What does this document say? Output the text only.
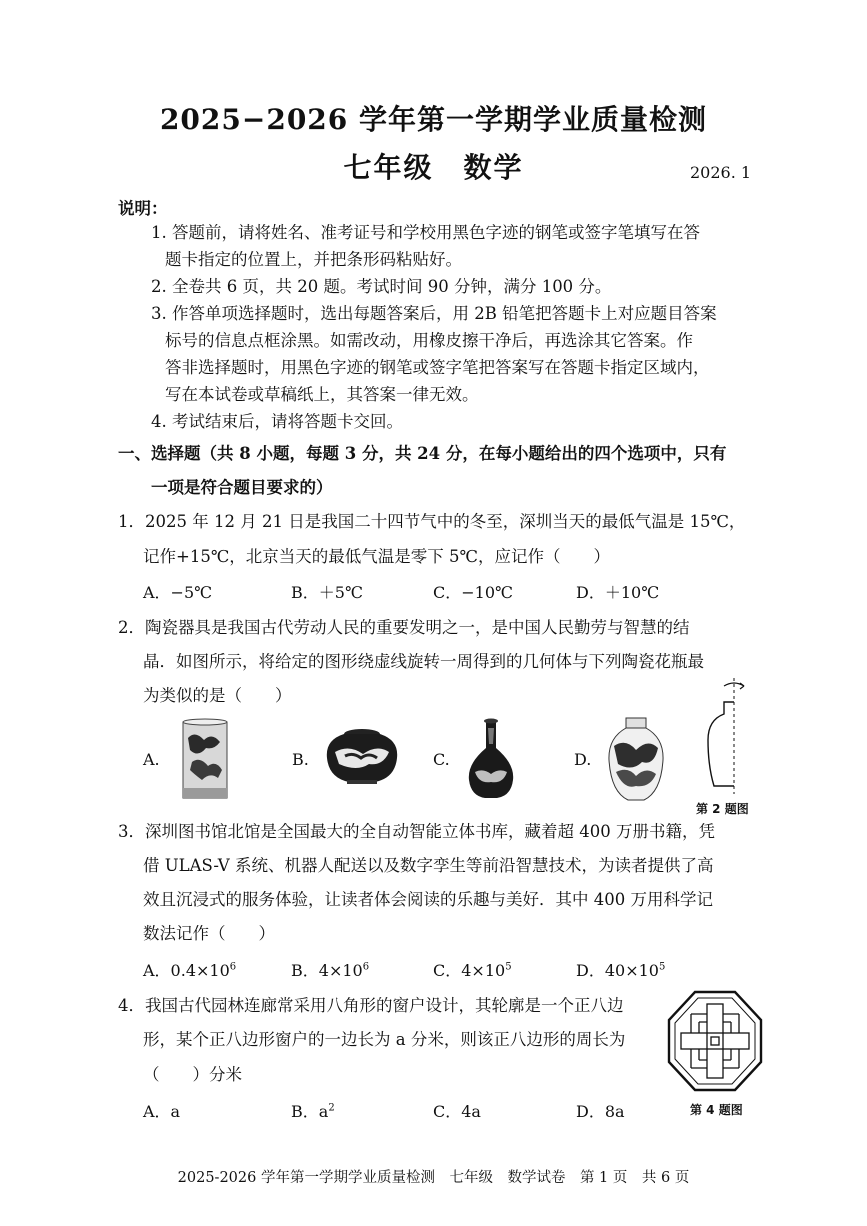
2025−2026 学年第一学期学业质量检测
七年级　数学	2026. 1
说明：
1. 答题前，请将姓名、准考证号和学校用黑色字迹的钢笔或签字笔填写在答
题卡指定的位置上，并把条形码粘贴好。
2. 全卷共 6 页，共 20 题。考试时间 90 分钟，满分 100 分。
3. 作答单项选择题时，选出每题答案后，用 2B 铅笔把答题卡上对应题目答案
标号的信息点框涂黑。如需改动，用橡皮擦干净后，再选涂其它答案。作
答非选择题时，用黑色字迹的钢笔或签字笔把答案写在答题卡指定区域内，
写在本试卷或草稿纸上，其答案一律无效。
4. 考试结束后，请将答题卡交回。
一、选择题（共 8 小题，每题 3 分，共 24 分，在每小题给出的四个选项中，只有
一项是符合题目要求的）
1．2025 年 12 月 21 日是我国二十四节气中的冬至，深圳当天的最低气温是 15℃，
记作+15℃，北京当天的最低气温是零下 5℃，应记作（　　）
A．−5℃	B．＋5℃	C．−10℃	D．＋10℃
2．陶瓷器具是我国古代劳动人民的重要发明之一，是中国人民勤劳与智慧的结
晶．如图所示，将给定的图形绕虚线旋转一周得到的几何体与下列陶瓷花瓶最
为类似的是（　　）
A.	B.	C.	D.
第 2 题图
3．深圳图书馆北馆是全国最大的全自动智能立体书库，藏着超 400 万册书籍，凭
借 ULAS-V 系统、机器人配送以及数字孪生等前沿智慧技术，为读者提供了高
效且沉浸式的服务体验，让读者体会阅读的乐趣与美好．其中 400 万用科学记
数法记作（　　）
A．$0.4\times 10^6$	B．$4\times 10^6$	C．$4\times 10^5$	D．$40\times 10^5$
4．我国古代园林连廊常采用八角形的窗户设计，其轮廓是一个正八边
形，某个正八边形窗户的一边长为 a 分米，则该正八边形的周长为
（　　）分米
A．a	B．$a^2$	C．4a	D．8a	第 4 题图
2025-2026 学年第一学期学业质量检测　七年级　数学试卷　第 1 页　共 6 页
